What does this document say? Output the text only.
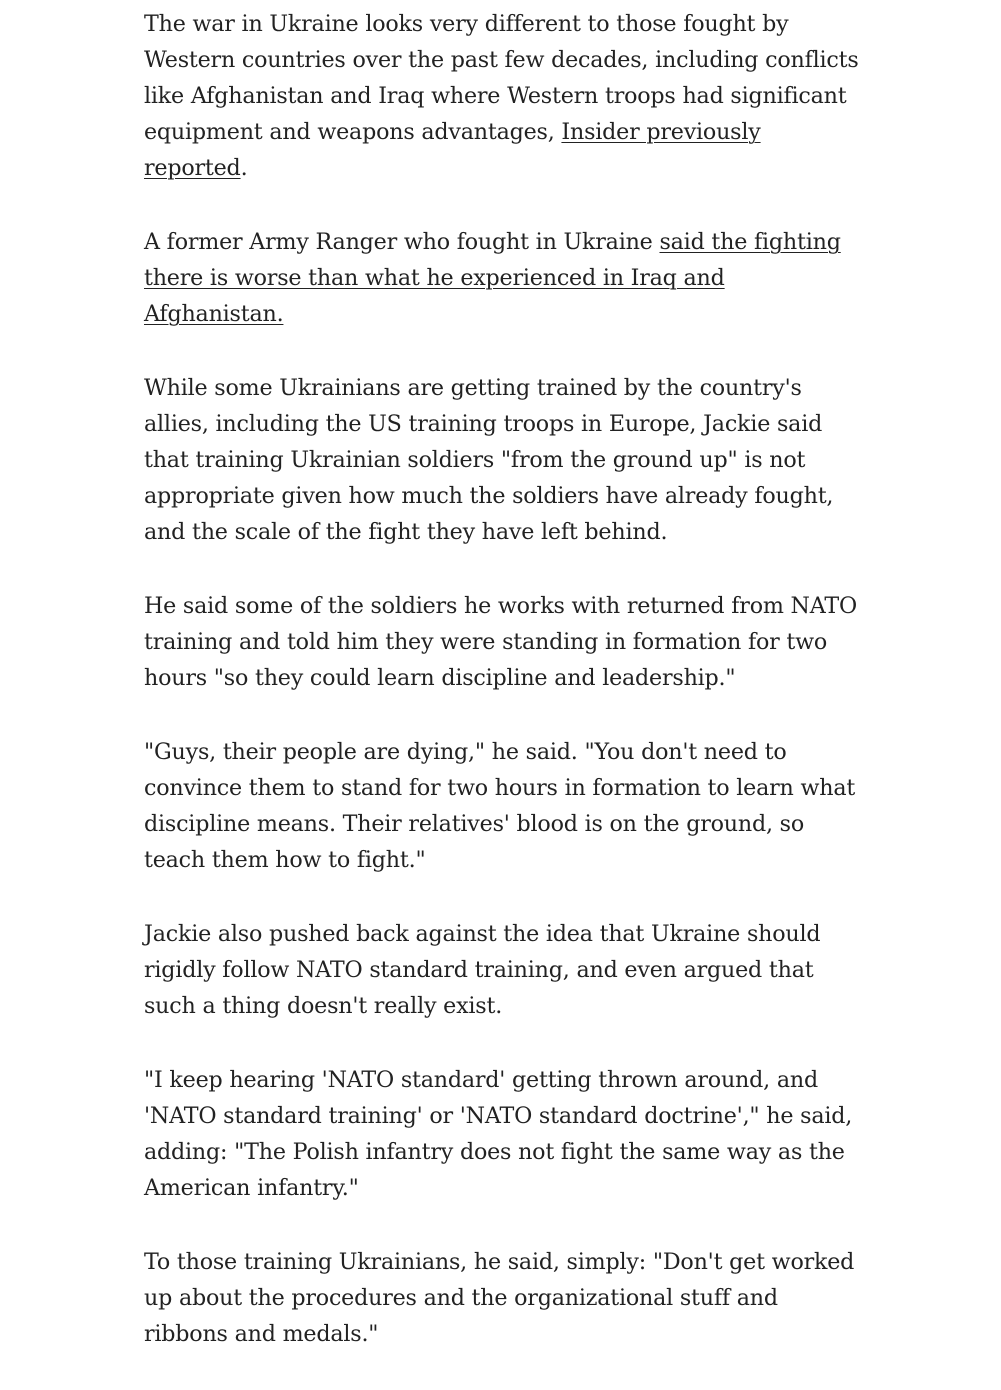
The war in Ukraine looks very different to those fought by Western countries over the past few decades, including conflicts like Afghanistan and Iraq where Western troops had significant equipment and weapons advantages, Insider previously reported.

A former Army Ranger who fought in Ukraine said the fighting there is worse than what he experienced in Iraq and Afghanistan.

While some Ukrainians are getting trained by the country's allies, including the US training troops in Europe, Jackie said that training Ukrainian soldiers "from the ground up" is not appropriate given how much the soldiers have already fought, and the scale of the fight they have left behind.

He said some of the soldiers he works with returned from NATO training and told him they were standing in formation for two hours "so they could learn discipline and leadership."

"Guys, their people are dying," he said. "You don't need to convince them to stand for two hours in formation to learn what discipline means. Their relatives' blood is on the ground, so teach them how to fight."

Jackie also pushed back against the idea that Ukraine should rigidly follow NATO standard training, and even argued that such a thing doesn't really exist.

"I keep hearing 'NATO standard' getting thrown around, and 'NATO standard training' or 'NATO standard doctrine'," he said, adding: "The Polish infantry does not fight the same way as the American infantry."

To those training Ukrainians, he said, simply: "Don't get worked up about the procedures and the organizational stuff and ribbons and medals."
